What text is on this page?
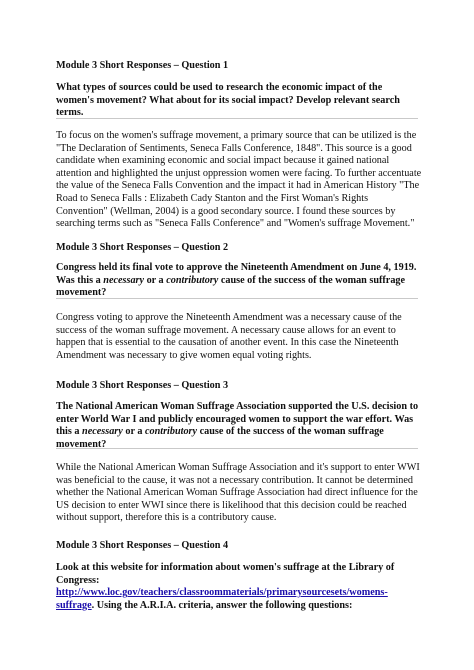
Module 3 Short Responses – Question 1
What types of sources could be used to research the economic impact of the women's movement? What about for its social impact? Develop relevant search terms.
To focus on the women's suffrage movement, a primary source that can be utilized is the "The Declaration of Sentiments, Seneca Falls Conference, 1848". This source is a good candidate when examining economic and social impact because it gained national attention and highlighted the unjust oppression women were facing. To further accentuate the value of the Seneca Falls Convention and the impact it had in American History "The Road to Seneca Falls : Elizabeth Cady Stanton and the First Woman's Rights Convention" (Wellman, 2004) is a good secondary source. I found these sources by searching terms such as "Seneca Falls Conference" and "Women's suffrage Movement."
Module 3 Short Responses – Question 2
Congress held its final vote to approve the Nineteenth Amendment on June 4, 1919. Was this a necessary or a contributory cause of the success of the woman suffrage movement?
Congress voting to approve the Nineteenth Amendment was a necessary cause of the success of the woman suffrage movement. A necessary cause allows for an event to happen that is essential to the causation of another event. In this case the Nineteenth Amendment was necessary to give women equal voting rights.
Module 3 Short Responses – Question 3
The National American Woman Suffrage Association supported the U.S. decision to enter World War I and publicly encouraged women to support the war effort. Was this a necessary or a contributory cause of the success of the woman suffrage movement?
While the National American Woman Suffrage Association and it's support to enter WWI was beneficial to the cause, it was not a necessary contribution. It cannot be determined whether the National American Woman Suffrage Association had direct influence for the US decision to enter WWI since there is likelihood that this decision could be reached without support, therefore this is a contributory cause.
Module 3 Short Responses – Question 4
Look at this website for information about women's suffrage at the Library of Congress: http://www.loc.gov/teachers/classroommaterials/primarysourcesets/womens-suffrage. Using the A.R.I.A. criteria, answer the following questions:
